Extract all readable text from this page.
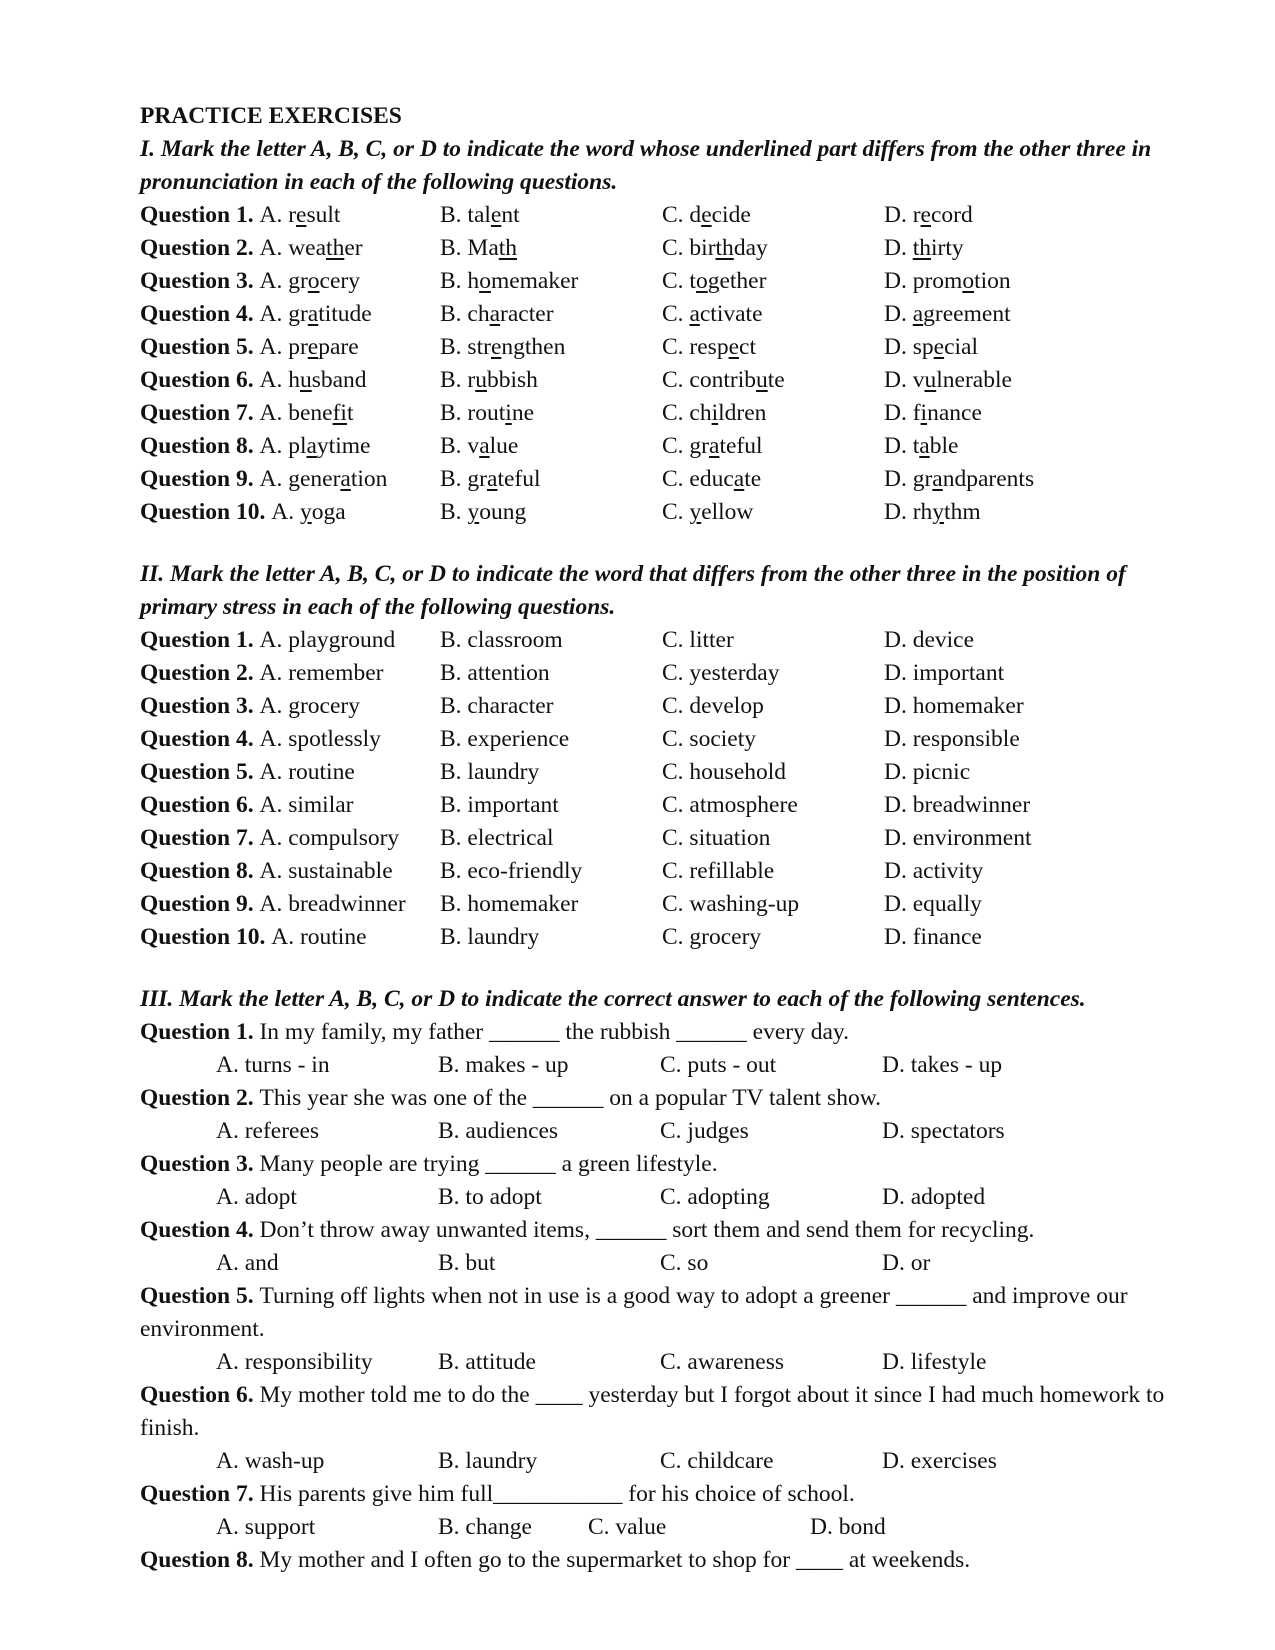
PRACTICE EXERCISES
I. Mark the letter A, B, C, or D to indicate the word whose underlined part differs from the other three in pronunciation in each of the following questions.
Question 1. A. result	B. talent	C. decide	D. record
Question 2. A. weather	B. Math	C. birthday	D. thirty
Question 3. A. grocery	B. homemaker	C. together	D. promotion
Question 4. A. gratitude	B. character	C. activate	D. agreement
Question 5. A. prepare	B. strengthen	C. respect	D. special
Question 6. A. husband	B. rubbish	C. contribute	D. vulnerable
Question 7. A. benefit	B. routine	C. children	D. finance
Question 8. A. playtime	B. value	C. grateful	D. table
Question 9. A. generation	B. grateful	C. educate	D. grandparents
Question 10. A. yoga	B. young	C. yellow	D. rhythm
II. Mark the letter A, B, C, or D to indicate the word that differs from the other three in the position of primary stress in each of the following questions.
Question 1. A. playground	B. classroom	C. litter	D. device
Question 2. A. remember	B. attention	C. yesterday	D. important
Question 3. A. grocery	B. character	C. develop	D. homemaker
Question 4. A. spotlessly	B. experience	C. society	D. responsible
Question 5. A. routine	B. laundry	C. household	D. picnic
Question 6. A. similar	B. important	C. atmosphere	D. breadwinner
Question 7. A. compulsory	B. electrical	C. situation	D. environment
Question 8. A. sustainable	B. eco-friendly	C. refillable	D. activity
Question 9. A. breadwinner	B. homemaker	C. washing-up	D. equally
Question 10. A. routine	B. laundry	C. grocery	D. finance
III. Mark the letter A, B, C, or D to indicate the correct answer to each of the following sentences.
Question 1. In my family, my father ______ the rubbish ______ every day.
A. turns - in	B. makes - up	C. puts - out	D. takes - up
Question 2. This year she was one of the ______ on a popular TV talent show.
A. referees	B. audiences	C. judges	D. spectators
Question 3. Many people are trying ______ a green lifestyle.
A. adopt	B. to adopt	C. adopting	D. adopted
Question 4. Don’t throw away unwanted items, ______ sort them and send them for recycling.
A. and	B. but	C. so	D. or
Question 5. Turning off lights when not in use is a good way to adopt a greener ______ and improve our environment.
A. responsibility	B. attitude	C. awareness	D. lifestyle
Question 6. My mother told me to do the ____ yesterday but I forgot about it since I had much homework to finish.
A. wash-up	B. laundry	C. childcare	D. exercises
Question 7. His parents give him full___________ for his choice of school.
A. support	B. change	C. value	D. bond
Question 8. My mother and I often go to the supermarket to shop for ____ at weekends.
